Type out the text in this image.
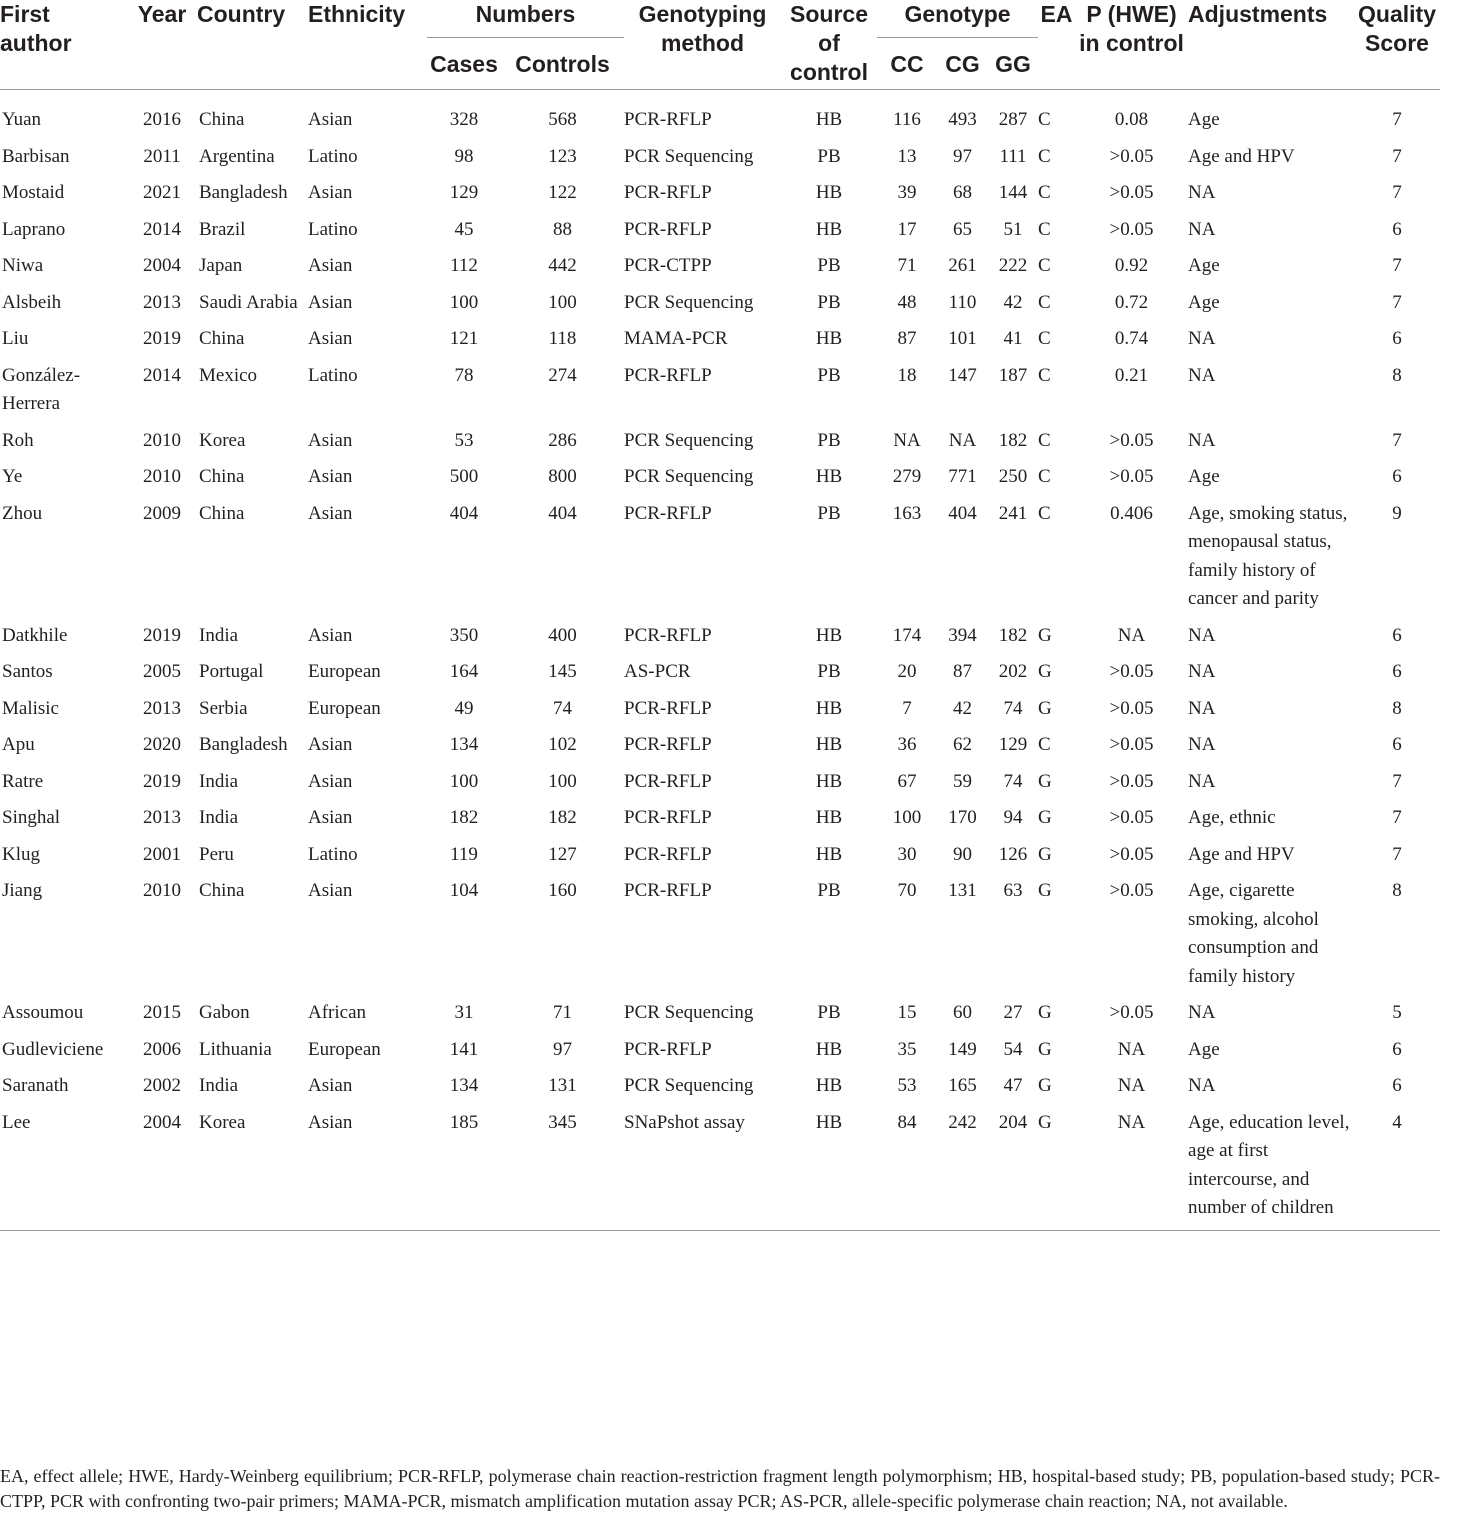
First author	Year	Country	Ethnicity	Numbers		Genotyping method	Source of control	Genotype			EA	P (HWE) in control	Adjustments	Quality Score
				Cases	Controls			CC	CG	GG				
Yuan	2016	China	Asian	328	568	PCR-RFLP	HB	116	493	287	C	0.08	Age	7
Barbisan	2011	Argentina	Latino	98	123	PCR Sequencing	PB	13	97	111	C	>0.05	Age and HPV	7
Mostaid	2021	Bangladesh	Asian	129	122	PCR-RFLP	HB	39	68	144	C	>0.05	NA	7
Laprano	2014	Brazil	Latino	45	88	PCR-RFLP	HB	17	65	51	C	>0.05	NA	6
Niwa	2004	Japan	Asian	112	442	PCR-CTPP	PB	71	261	222	C	0.92	Age	7
Alsbeih	2013	Saudi Arabia	Asian	100	100	PCR Sequencing	PB	48	110	42	C	0.72	Age	7
Liu	2019	China	Asian	121	118	MAMA-PCR	HB	87	101	41	C	0.74	NA	6
González-Herrera	2014	Mexico	Latino	78	274	PCR-RFLP	PB	18	147	187	C	0.21	NA	8
Roh	2010	Korea	Asian	53	286	PCR Sequencing	PB	NA	NA	182	C	>0.05	NA	7
Ye	2010	China	Asian	500	800	PCR Sequencing	HB	279	771	250	C	>0.05	Age	6
Zhou	2009	China	Asian	404	404	PCR-RFLP	PB	163	404	241	C	0.406	Age, smoking status, menopausal status, family history of cancer and parity	9
Datkhile	2019	India	Asian	350	400	PCR-RFLP	HB	174	394	182	G	NA	NA	6
Santos	2005	Portugal	European	164	145	AS-PCR	PB	20	87	202	G	>0.05	NA	6
Malisic	2013	Serbia	European	49	74	PCR-RFLP	HB	7	42	74	G	>0.05	NA	8
Apu	2020	Bangladesh	Asian	134	102	PCR-RFLP	HB	36	62	129	C	>0.05	NA	6
Ratre	2019	India	Asian	100	100	PCR-RFLP	HB	67	59	74	G	>0.05	NA	7
Singhal	2013	India	Asian	182	182	PCR-RFLP	HB	100	170	94	G	>0.05	Age, ethnic	7
Klug	2001	Peru	Latino	119	127	PCR-RFLP	HB	30	90	126	G	>0.05	Age and HPV	7
Jiang	2010	China	Asian	104	160	PCR-RFLP	PB	70	131	63	G	>0.05	Age, cigarette smoking, alcohol consumption and family history	8
Assoumou	2015	Gabon	African	31	71	PCR Sequencing	PB	15	60	27	G	>0.05	NA	5
Gudleviciene	2006	Lithuania	European	141	97	PCR-RFLP	HB	35	149	54	G	NA	Age	6
Saranath	2002	India	Asian	134	131	PCR Sequencing	HB	53	165	47	G	NA	NA	6
Lee	2004	Korea	Asian	185	345	SNaPshot assay	HB	84	242	204	G	NA	Age, education level, age at first intercourse, and number of children	4
EA, effect allele; HWE, Hardy-Weinberg equilibrium; PCR-RFLP, polymerase chain reaction-restriction fragment length polymorphism; HB, hospital-based study; PB, population-based study; PCR-CTPP, PCR with confronting two-pair primers; MAMA-PCR, mismatch amplification mutation assay PCR; AS-PCR, allele-specific polymerase chain reaction; NA, not available.
